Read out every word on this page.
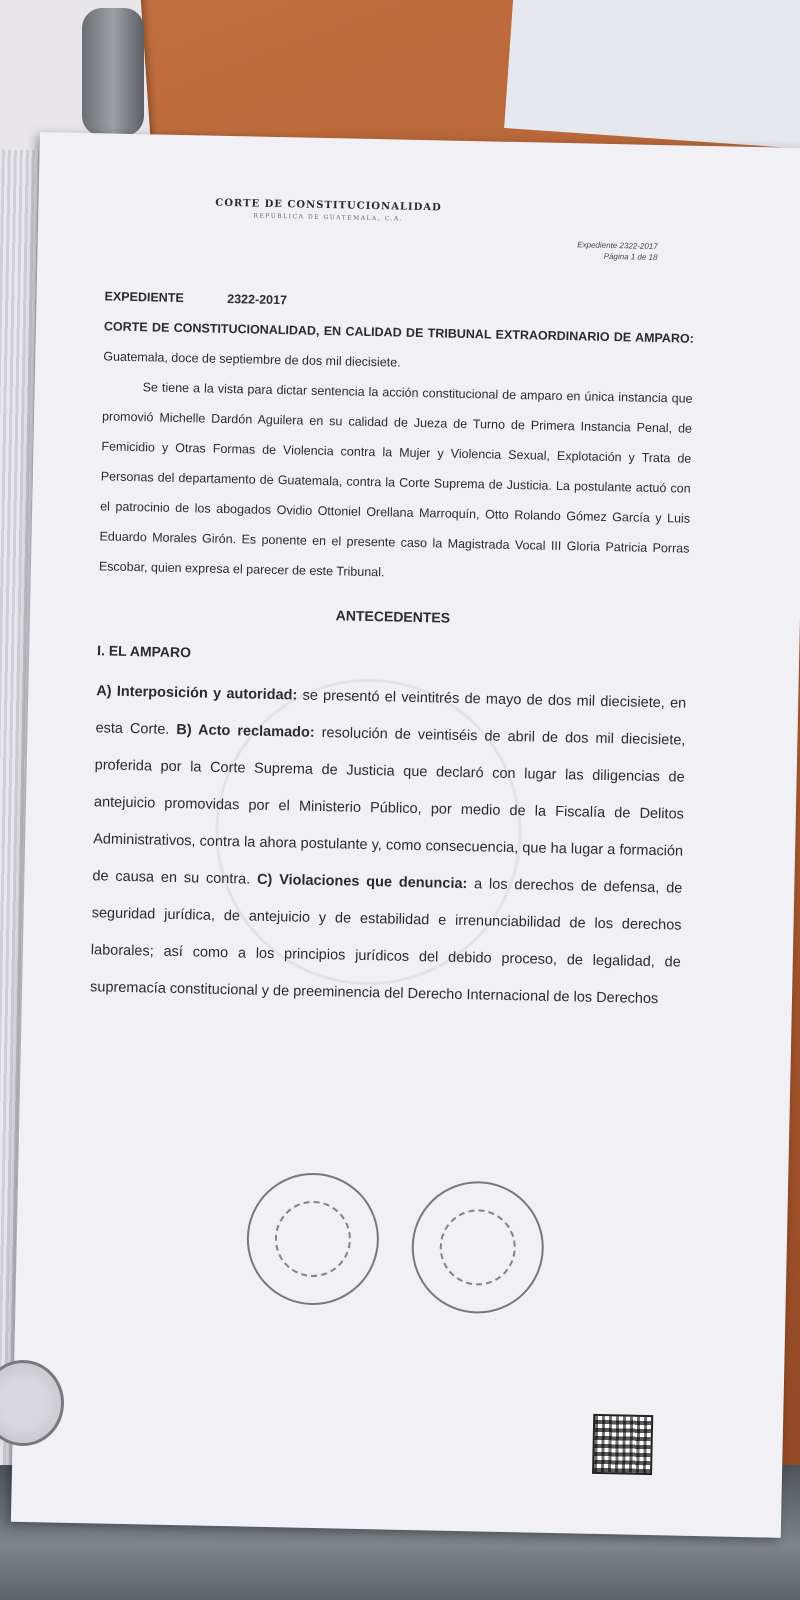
CORTE DE CONSTITUCIONALIDAD
REPÚBLICA DE GUATEMALA, C.A.
Expediente 2322-2017
Página 1 de 18

EXPEDIENTE	2322-2017

CORTE DE CONSTITUCIONALIDAD, EN CALIDAD DE TRIBUNAL EXTRAORDINARIO DE AMPARO: Guatemala, doce de septiembre de dos mil diecisiete.

Se tiene a la vista para dictar sentencia la acción constitucional de amparo en única instancia que promovió Michelle Dardón Aguilera en su calidad de Jueza de Turno de Primera Instancia Penal, de Femicidio y Otras Formas de Violencia contra la Mujer y Violencia Sexual, Explotación y Trata de Personas del departamento de Guatemala, contra la Corte Suprema de Justicia. La postulante actuó con el patrocinio de los abogados Ovidio Ottoniel Orellana Marroquín, Otto Rolando Gómez García y Luis Eduardo Morales Girón. Es ponente en el presente caso la Magistrada Vocal III Gloria Patricia Porras Escobar, quien expresa el parecer de este Tribunal.

ANTECEDENTES
I. EL AMPARO

A) Interposición y autoridad: se presentó el veintitrés de mayo de dos mil diecisiete, en esta Corte. B) Acto reclamado: resolución de veintiséis de abril de dos mil diecisiete, proferida por la Corte Suprema de Justicia que declaró con lugar las diligencias de antejuicio promovidas por el Ministerio Público, por medio de la Fiscalía de Delitos Administrativos, contra la ahora postulante y, como consecuencia, que ha lugar a formación de causa en su contra. C) Violaciones que denuncia: a los derechos de defensa, de seguridad jurídica, de antejuicio y de estabilidad e irrenunciabilidad de los derechos laborales; así como a los principios jurídicos del debido proceso, de legalidad, de supremacía constitucional y de preeminencia del Derecho Internacional de los Derechos
